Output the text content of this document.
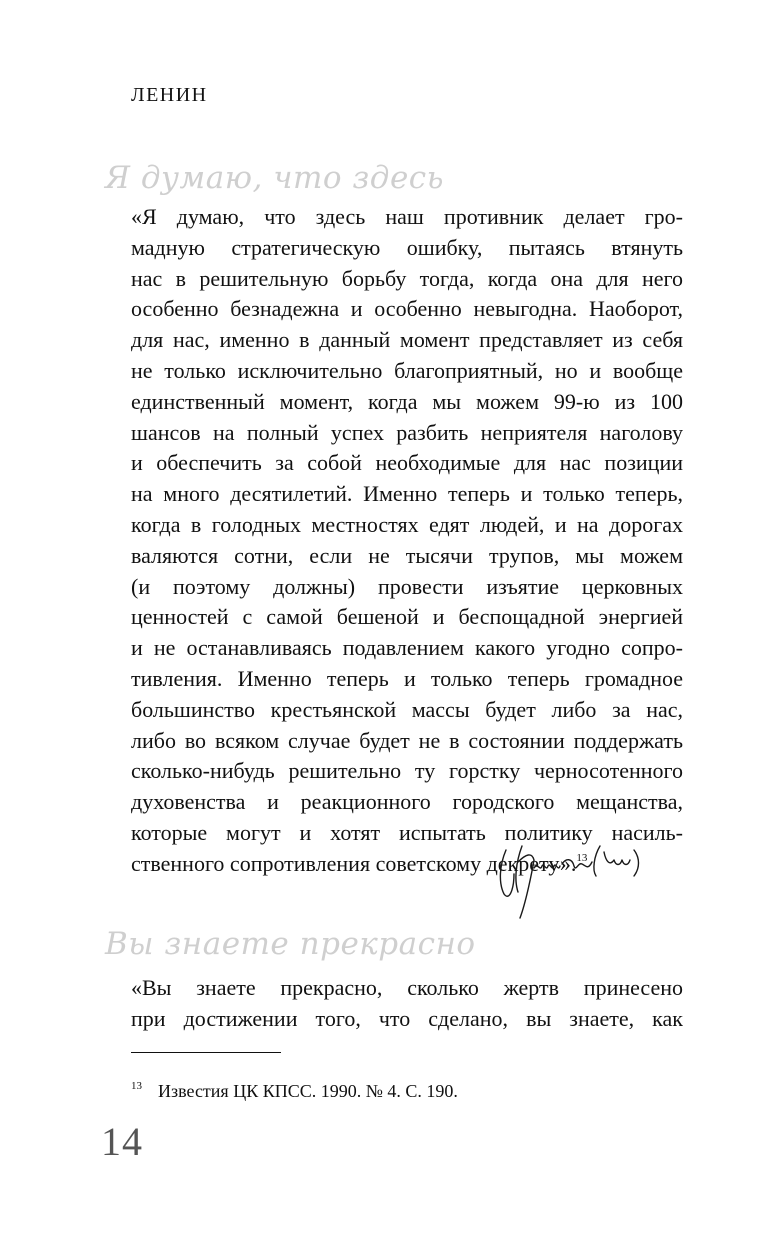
ЛЕНИН
Я думаю, что здесь

«Я думаю, что здесь наш противник делает гро-
мадную стратегическую ошибку, пытаясь втянуть
нас в решительную борьбу тогда, когда она для него
особенно безнадежна и особенно невыгодна. Наоборот,
для нас, именно в данный момент представляет из себя
не только исключительно благоприятный, но и вообще
единственный момент, когда мы можем 99-ю из 100
шансов на полный успех разбить неприятеля наголову
и обеспечить за собой необходимые для нас позиции
на много десятилетий. Именно теперь и только теперь,
когда в голодных местностях едят людей, и на дорогах
валяются сотни, если не тысячи трупов, мы можем
(и поэтому должны) провести изъятие церковных
ценностей с самой бешеной и беспощадной энергией
и не останавливаясь подавлением какого угодно сопро-
тивления. Именно теперь и только теперь громадное
большинство крестьянской массы будет либо за нас,
либо во всяком случае будет не в состоянии поддержать
сколько-нибудь решительно ту горстку черносотенного
духовенства и реакционного городского мещанства,
которые могут и хотят испытать политику насиль-
ственного сопротивления советскому декрету».$^{13}$

Вы знаете прекрасно

«Вы знаете прекрасно, сколько жертв принесено
при достижении того, что сделано, вы знаете, как

$^{13}$ Известия ЦК КПСС. 1990. № 4. С. 190.
14
